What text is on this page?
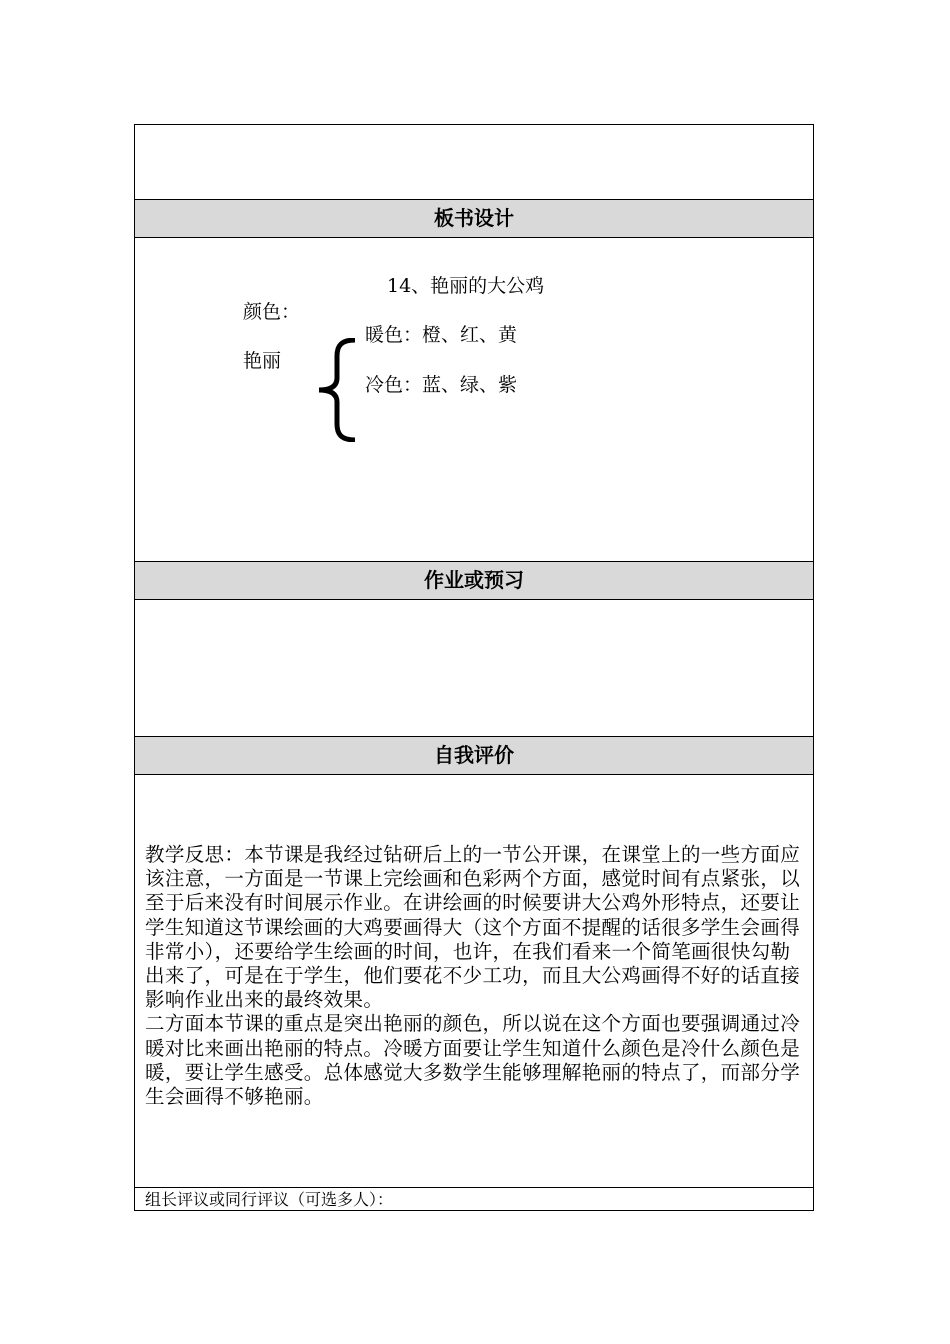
板书设计
14、艳丽的大公鸡
颜色：
艳丽
暖色：橙、红、黄
冷色：蓝、绿、紫
作业或预习
自我评价

教学反思：本节课是我经过钻研后上的一节公开课，在课堂上的一些方面应该注意，一方面是一节课上完绘画和色彩两个方面，感觉时间有点紧张，以至于后来没有时间展示作业。在讲绘画的时候要讲大公鸡外形特点，还要让学生知道这节课绘画的大鸡要画得大（这个方面不提醒的话很多学生会画得非常小），还要给学生绘画的时间，也许，在我们看来一个简笔画很快勾勒出来了，可是在于学生，他们要花不少工功，而且大公鸡画得不好的话直接影响作业出来的最终效果。

二方面本节课的重点是突出艳丽的颜色，所以说在这个方面也要强调通过冷暖对比来画出艳丽的特点。冷暖方面要让学生知道什么颜色是冷什么颜色是暖，要让学生感受。总体感觉大多数学生能够理解艳丽的特点了，而部分学生会画得不够艳丽。

组长评议或同行评议（可选多人）：
